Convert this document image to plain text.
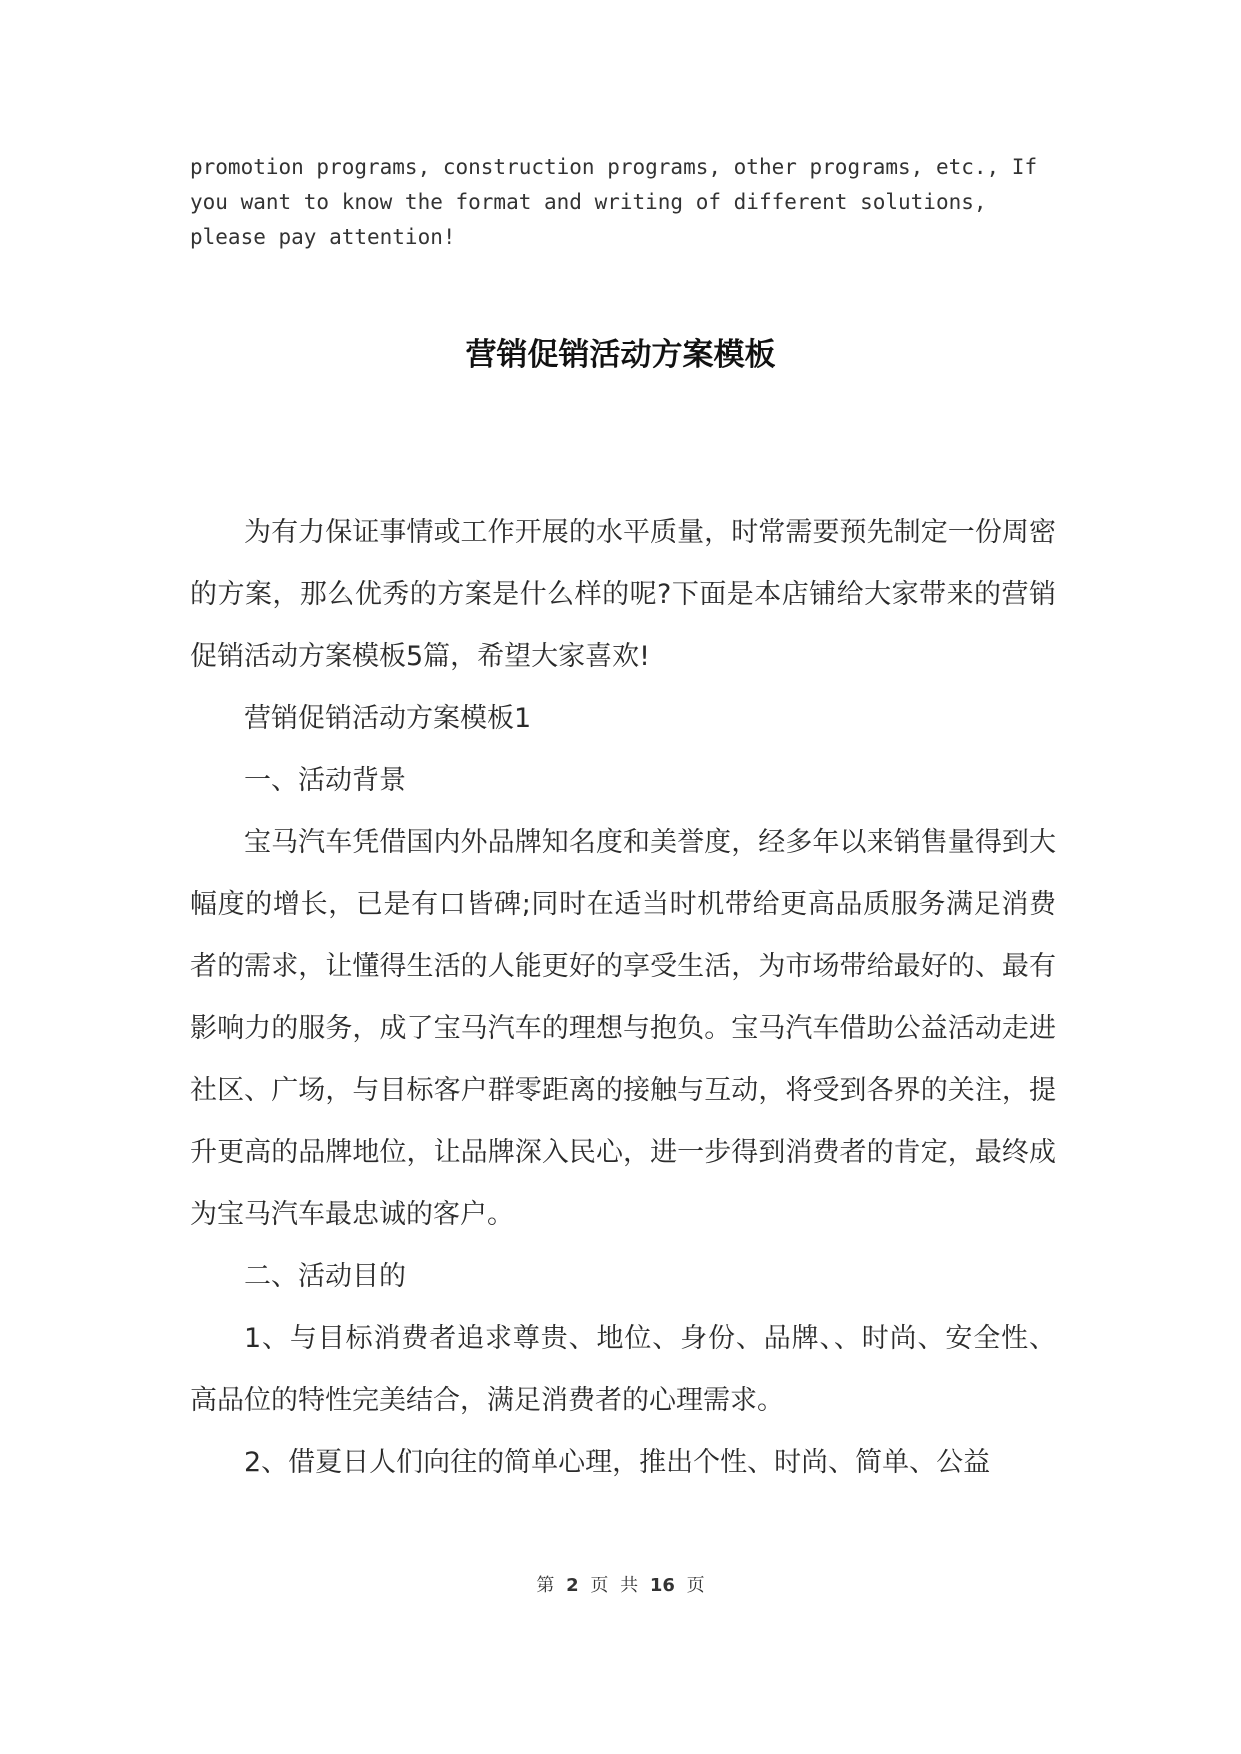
promotion programs, construction programs, other programs, etc., If
you want to know the format and writing of different solutions,
please pay attention!
营销促销活动方案模板

为有力保证事情或工作开展的水平质量，时常需要预先制定一份周密的方案，那么优秀的方案是什么样的呢?下面是本店铺给大家带来的营销促销活动方案模板5篇，希望大家喜欢!

营销促销活动方案模板1

一、活动背景

宝马汽车凭借国内外品牌知名度和美誉度，经多年以来销售量得到大幅度的增长，已是有口皆碑;同时在适当时机带给更高品质服务满足消费者的需求，让懂得生活的人能更好的享受生活，为市场带给最好的、最有影响力的服务，成了宝马汽车的理想与抱负。宝马汽车借助公益活动走进社区、广场，与目标客户群零距离的接触与互动，将受到各界的关注，提升更高的品牌地位，让品牌深入民心，进一步得到消费者的肯定，最终成为宝马汽车最忠诚的客户。

二、活动目的

1、与目标消费者追求尊贵、地位、身份、品牌、、时尚、安全性、高品位的特性完美结合，满足消费者的心理需求。

2、借夏日人们向往的简单心理，推出个性、时尚、简单、公益

第 2 页 共 16 页
